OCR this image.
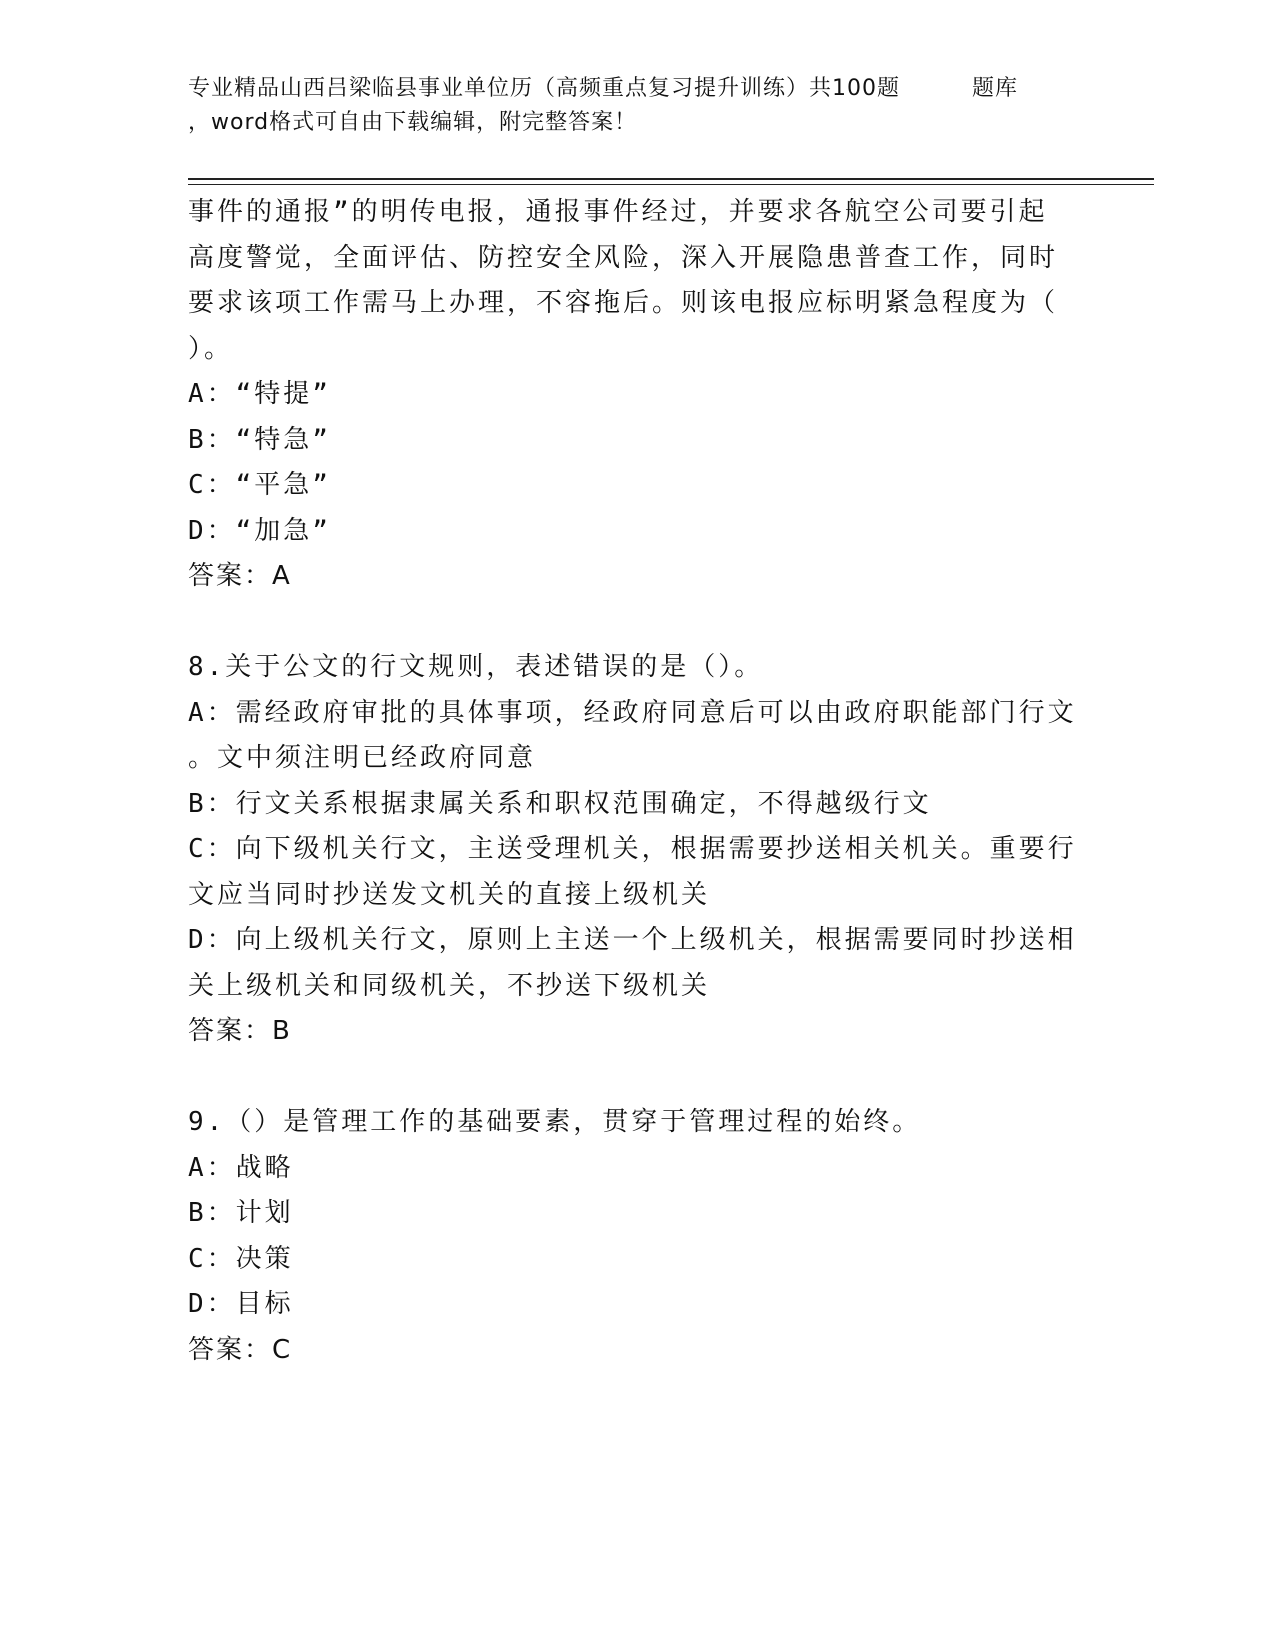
专业精品山西吕梁临县事业单位历（高频重点复习提升训练）共100题	题库
，word格式可自由下载编辑，附完整答案！
事件的通报”的明传电报，通报事件经过，并要求各航空公司要引起
高度警觉，全面评估、防控安全风险，深入开展隐患普查工作，同时
要求该项工作需马上办理，不容拖后。则该电报应标明紧急程度为（
）。
A：“特提”
B：“特急”
C：“平急”
D：“加急”
答案：A
8.关于公文的行文规则，表述错误的是（）。
A：需经政府审批的具体事项，经政府同意后可以由政府职能部门行文
。文中须注明已经政府同意
B：行文关系根据隶属关系和职权范围确定，不得越级行文
C：向下级机关行文，主送受理机关，根据需要抄送相关机关。重要行
文应当同时抄送发文机关的直接上级机关
D：向上级机关行文，原则上主送一个上级机关，根据需要同时抄送相
关上级机关和同级机关，不抄送下级机关
答案：B
9.（）是管理工作的基础要素，贯穿于管理过程的始终。
A：战略
B：计划
C：决策
D：目标
答案：C
